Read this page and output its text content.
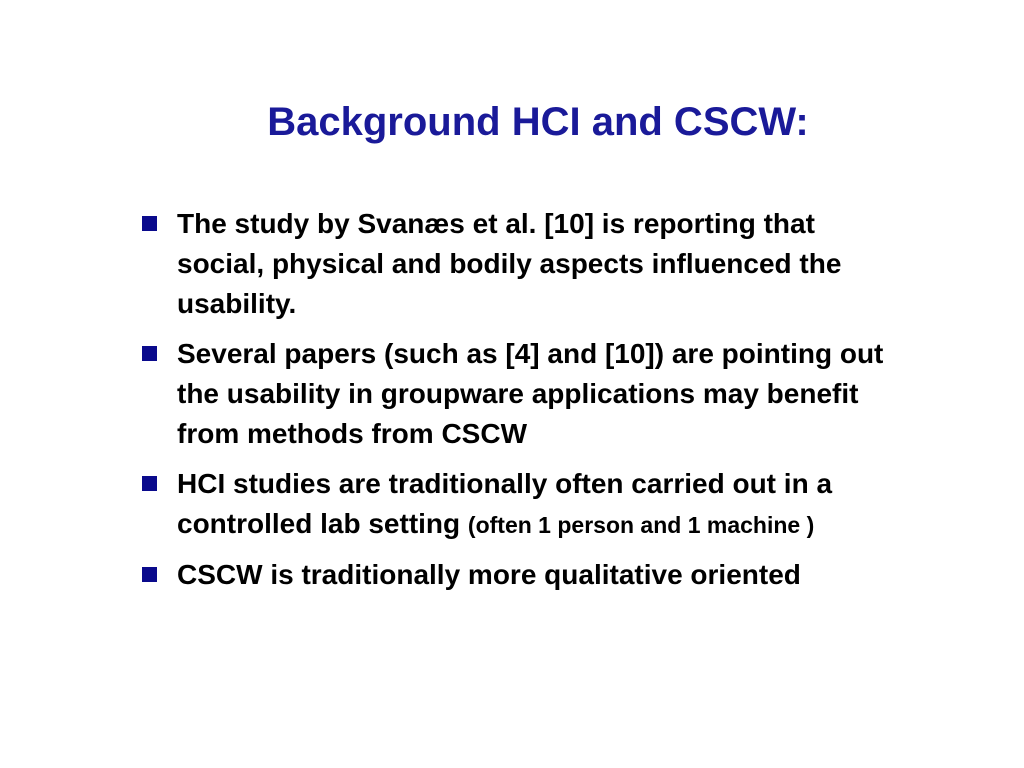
Background HCI and CSCW:
The study by Svanæs et al. [10] is reporting that social, physical and bodily aspects influenced the usability.
Several papers (such as [4] and [10]) are pointing out the usability in groupware applications may benefit from methods from CSCW
HCI studies are traditionally often carried out in a controlled lab setting (often 1 person and 1 machine )
CSCW is traditionally more qualitative oriented
